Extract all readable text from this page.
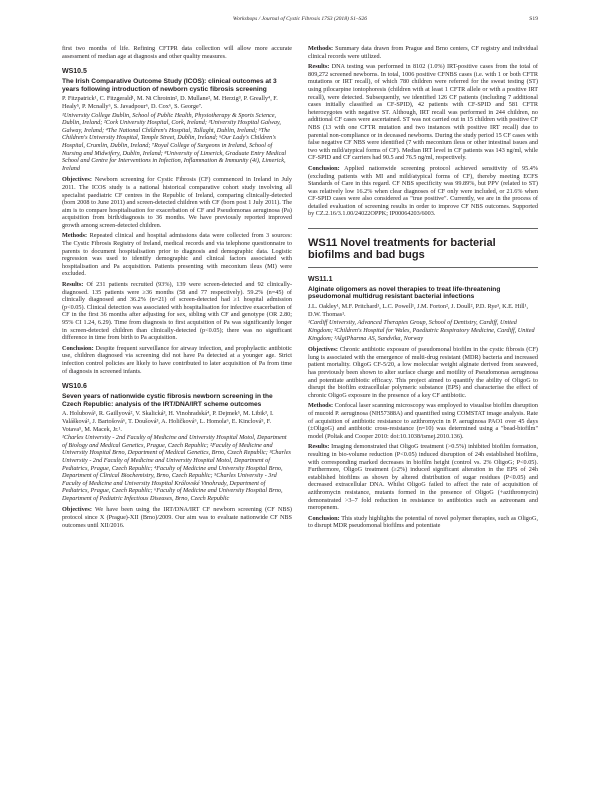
Workshops / Journal of Cystic Fibrosis 17S3 (2018) S1–S26	S19

first two months of life. Refining CFTPR data collection will allow more accurate assessment of median age at diagnosis and other quality measures.

WS10.5
The Irish Comparative Outcome Study (ICOS): clinical outcomes at 3 years following introduction of newborn cystic fibrosis screening
P. Fitzpatrick¹, C. Fitzgerald¹, M. Ni Chroinin², D. Mullane², M. Herzig³, P. Greally⁴, F. Healy⁵, P. Mcnally⁶, S. Javadpour⁶, D. Cox⁶, S. George⁷.
¹University College Dublin, School of Public Health, Physiotherapy & Sports Science, Dublin, Ireland; ²Cork University Hospital, Cork, Ireland; ³University Hospital Galway, Galway, Ireland; ⁴The National Children's Hospital, Tallaght, Dublin, Ireland; ⁵The Children's University Hospital, Temple Street, Dublin, Ireland; ⁶Our Lady's Children's Hospital, Crumlin, Dublin, Ireland; ⁷Royal College of Surgeons in Ireland, School of Nursing and Midwifery, Dublin, Ireland; ⁸University of Limerick, Graduate Entry Medical School and Centre for Interventions in Infection, Inflammation & Immunity (4i), Limerick, Ireland

Objectives: Newborn screening for Cystic Fibrosis (CF) commenced in Ireland in July 2011. The ICOS study is a national historical comparative cohort study involving all specialist paediatric CF centres in the Republic of Ireland, comparing clinically-detected (born 2008 to June 2011) and screen-detected children with CF (born post 1 July 2011). The aim is to compare hospitalisation for exacerbation of CF and Pseudomonas aeruginosa (Pa) acquisition from birth/diagnosis to 36 months. We have previously reported improved growth among screen-detected children.

Methods: Repeated clinical and hospital admissions data were collected from 3 sources: The Cystic Fibrosis Registry of Ireland, medical records and via telephone questionnaire to parents to document hospitalisation prior to diagnosis and demographic data. Logistic regression was used to identify demographic and clinical factors associated with hospitalisation and Pa acquisition. Patients presenting with meconium ileus (MI) were excluded.

Results: Of 231 patients recruited (93%), 139 were screen-detected and 92 clinically-diagnosed. 135 patients were ≥36 months (58 and 77 respectively). 59.2% (n=45) of clinically diagnosed and 36.2% (n=21) of screen-detected had ≥1 hospital admission (p<0.05). Clinical detection was associated with hospitalisation for infective exacerbation of CF in the first 36 months after adjusting for sex, sibling with CF and genotype (OR 2.80; 95% CI 1.24, 6.29). Time from diagnosis to first acquisition of Pa was significantly longer in screen-detected children than clinically-detected (p<0.05); there was no significant difference in time from birth to Pa acquisition.

Conclusion: Despite frequent surveillance for airway infection, and prophylactic antibiotic use, children diagnosed via screening did not have Pa detected at a younger age. Strict infection control policies are likely to have contributed to later acquisition of Pa from time of diagnosis in screened infants.

WS10.6
Seven years of nationwide cystic fibrosis newborn screening in the Czech Republic: analysis of the IRT/DNA/IRT scheme outcomes
A. Holubová¹, R. Gaillyová², V. Skalická³, H. Vinohradská⁴, P. Dejmek⁵, M. Libik³, I. Valášková², J. Bartošová⁶, T. Doušová³, A. Holičková⁶, L. Homola⁶, E. Kinclová⁵, F. Votava⁵, M. Macek, Jr.¹.
¹Charles University - 2nd Faculty of Medicine and University Hospital Motol, Department of Biology and Medical Genetics, Prague, Czech Republic; ²Faculty of Medicine and University Hospital Brno, Department of Medical Genetics, Brno, Czech Republic; ³Charles University - 2nd Faculty of Medicine and University Hospital Motol, Department of Pediatrics, Prague, Czech Republic; ⁴Faculty of Medicine and University Hospital Brno, Department of Clinical Biochemistry, Brno, Czech Republic; ⁵Charles University - 3rd Faculty of Medicine and University Hospital Královské Vinohrady, Department of Pediatrics, Prague, Czech Republic; ⁶Faculty of Medicine and University Hospital Brno, Department of Pediatric Infectious Diseases, Brno, Czech Republic

Objectives: We have been using the IRT/DNA/IRT CF newborn screening (CF NBS) protocol since X (Prague)-XII (Brno)/2009. Our aim was to evaluate nationwide CF NBS outcomes until XII/2016.

Methods: Summary data drawn from Prague and Brno centers, CF registry and individual clinical records were utilized.

Results: DNA testing was performed in 8102 (1.0%) IRT-positive cases from the total of 809,272 screened newborns. In total, 1006 positive CFNBS cases (i.e. with 1 or both CFTR mutations or IRT recall), of which 780 children were referred for the sweat testing (ST) using pilocarpine iontophoresis (children with at least 1 CFTR allele or with a positive IRT recall), were detected. Subsequently, we identified 126 CF patients (including 7 additional cases initially classified as CF-SPID), 42 patients with CF-SPID and 581 CFTR heterozygotes with negative ST. Although, IRT recall was performed in 244 children, no additional CF cases were ascertained. ST was not carried out in 15 children with positive CF NBS (13 with one CFTR mutation and two instances with positive IRT recall) due to parental non-compliance or in deceased newborns. During the study period 15 CF cases with false negative CF NBS were identified (7 with meconium ileus or other intestinal issues and two with mild/atypical forms of CF). Median IRT level in CF patients was 143 ng/ml, while CF-SPID and CF carriers had 90.5 and 76.5 ng/ml, respectively.

Conclusion: Applied nationwide screening protocol achieved sensitivity of 95.4% (excluding patients with MI and mild/atypical forms of CF), thereby meeting ECFS Standards of Care in this regard. CF NBS specificity was 99.89%, but PPV (related to ST) was relatively low 16.2% when clear diagnoses of CF only were included, or 21.6% when CF-SPID cases were also considered as "true positive". Currently, we are in the process of detailed evaluation of screening results in order to improve CF NBS outcomes. Supported by CZ.2.16/3.1.00/24022OPPK; IP00064203/6003.

WS11 Novel treatments for bacterial biofilms and bad bugs
WS11.1
Alginate oligomers as novel therapies to treat life-threatening pseudomonal multidrug resistant bacterial infections
J.L. Oakley¹, M.F. Pritchard¹, L.C. Powell¹, J.M. Forton², J. Doull², P.D. Rye³, K.E. Hill¹, D.W. Thomas¹.
¹Cardiff University, Advanced Therapies Group, School of Dentistry, Cardiff, United Kingdom; ²Children's Hospital for Wales, Paediatric Respiratory Medicine, Cardiff, United Kingdom; ³AlgiPharma AS, Sandvika, Norway

Objectives: Chronic antibiotic exposure of pseudomonal biofilm in the cystic fibrosis (CF) lung is associated with the emergence of multi-drug resistant (MDR) bacteria and increased patient mortality. OligoG CF-5/20, a low molecular weight alginate derived from seaweed, has previously been shown to alter surface charge and motility of Pseudomonas aeruginosa and potentiate antibiotic efficacy. This project aimed to quantify the ability of OligoG to disrupt the biofilm extracellular polymeric substance (EPS) and characterise the effect of chronic OligoG exposure in the presence of a key CF antibiotic.

Methods: Confocal laser scanning microscopy was employed to visualise biofilm disruption of mucoid P. aeruginosa (NH57388A) and quantified using COMSTAT image analysis. Rate of acquisition of antibiotic resistance to azithromycin in P. aeruginosa PAO1 over 45 days (±OligoG) and antibiotic cross-resistance (n=10) was determined using a "bead-biofilm" model (Poltak and Cooper 2010: doi:10.1038/ismej.2010.136).

Results: Imaging demonstrated that OligoG treatment (>0.5%) inhibited biofilm formation, resulting in bio-volume reduction (P<0.05) induced disruption of 24h established biofilms, with corresponding marked decreases in biofilm height (control vs. 2% OligoG; P<0.05). Furthermore, OligoG treatment (≥2%) induced significant alteration in the EPS of 24h established biofilms as shown by altered distribution of sugar residues (P<0.05) and decreased extracellular DNA. Whilst OligoG failed to affect the rate of acquisition of azithromycin resistance, mutants formed in the presence of OligoG (+azithromycin) demonstrated >3–7 fold reduction in resistance to antibiotics such as aztreonam and meropenem.

Conclusion: This study highlights the potential of novel polymer therapies, such as OligoG, to disrupt MDR pseudomonal biofilms and potentiate
